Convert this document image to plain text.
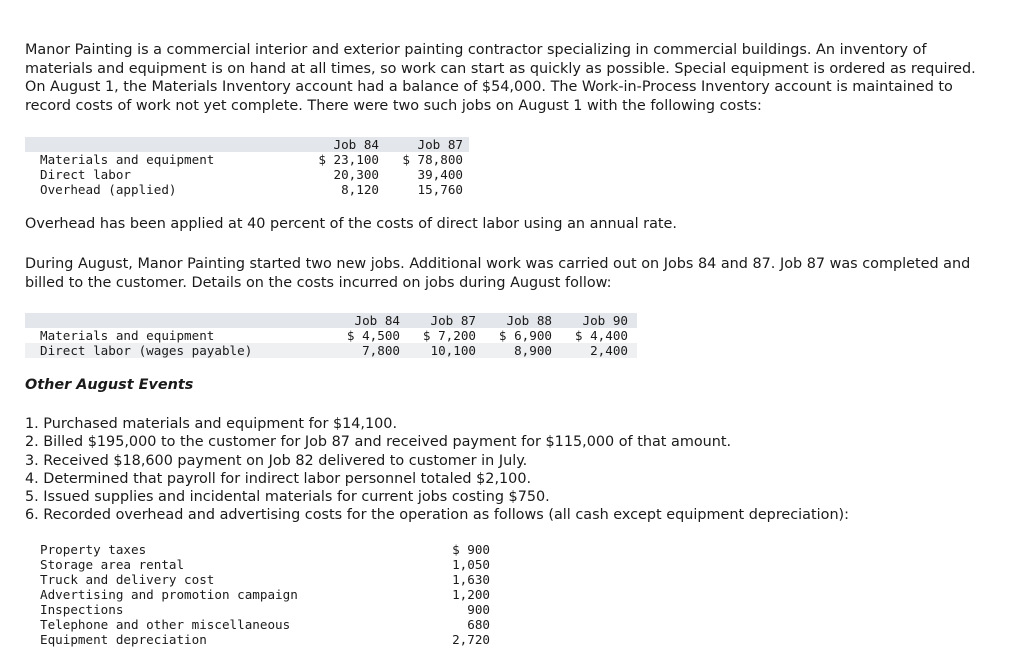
Manor Painting is a commercial interior and exterior painting contractor specializing in commercial buildings. An inventory of materials and equipment is on hand at all times, so work can start as quickly as possible. Special equipment is ordered as required. On August 1, the Materials Inventory account had a balance of $54,000. The Work-in-Process Inventory account is maintained to record costs of work not yet complete. There were two such jobs on August 1 with the following costs:
	Job 84	Job 87
Materials and equipment	$ 23,100	$ 78,800
Direct labor	20,300	39,400
Overhead (applied)	8,120	15,760
Overhead has been applied at 40 percent of the costs of direct labor using an annual rate.
During August, Manor Painting started two new jobs. Additional work was carried out on Jobs 84 and 87. Job 87 was completed and billed to the customer. Details on the costs incurred on jobs during August follow:
	Job 84	Job 87	Job 88	Job 90
Materials and equipment	$ 4,500	$ 7,200	$ 6,900	$ 4,400
Direct labor (wages payable)	7,800	10,100	8,900	2,400
Other August Events
1. Purchased materials and equipment for $14,100.
2. Billed $195,000 to the customer for Job 87 and received payment for $115,000 of that amount.
3. Received $18,600 payment on Job 82 delivered to customer in July.
4. Determined that payroll for indirect labor personnel totaled $2,100.
5. Issued supplies and incidental materials for current jobs costing $750.
6. Recorded overhead and advertising costs for the operation as follows (all cash except equipment depreciation):
Property taxes	$ 900
Storage area rental	1,050
Truck and delivery cost	1,630
Advertising and promotion campaign	1,200
Inspections	900
Telephone and other miscellaneous	680
Equipment depreciation	2,720
